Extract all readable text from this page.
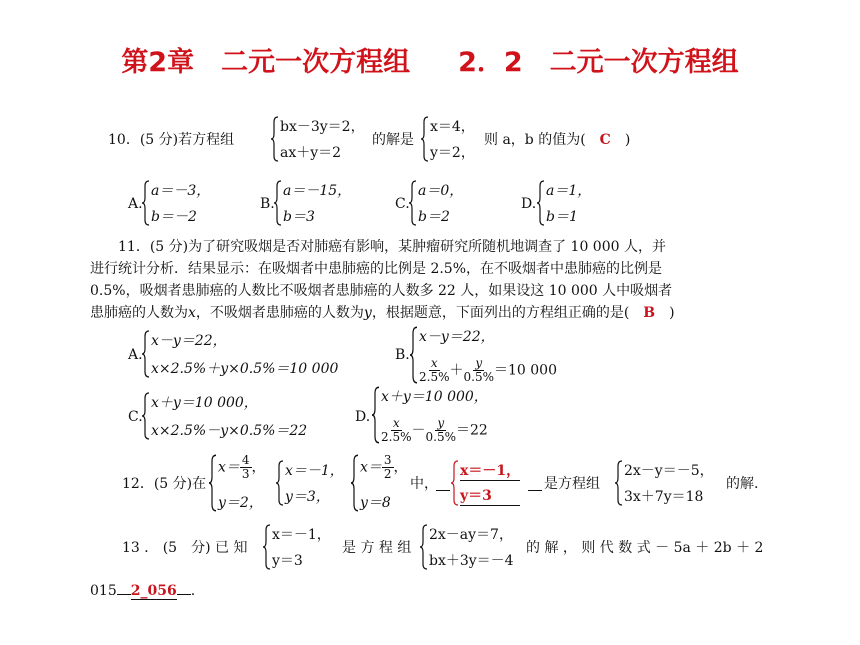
第2章　二元一次方程组 2．2　二元一次方程组
10．(5 分)若方程组
bx－3y＝2，
ax＋y＝2
的解是
x＝4，
y＝2，
则 a，b 的值为( C )
A.
a＝－3，
b＝－2
B.
a＝－15，
b＝3
C.
a＝0，
b＝2
D.
a＝1，
b＝1
11．(5 分)为了研究吸烟是否对肺癌有影响，某肿瘤研究所随机地调查了 10 000 人，并
进行统计分析．结果显示：在吸烟者中患肺癌的比例是 2.5%，在不吸烟者中患肺癌的比例是
0.5%，吸烟者患肺癌的人数比不吸烟者患肺癌的人数多 22 人，如果设这 10 000 人中吸烟者
患肺癌的人数为x，不吸烟者患肺癌的人数为y，根据题意，下面列出的方程组正确的是( B )
A.
x－y＝22，
x×2.5%＋y×0.5%＝10 000
B.
x－y＝22，
$\frac{x}{2.5\%} + \frac{y}{0.5\%} =10$ 000
C.
x＋y＝10 000，
x×2.5%－y×0.5%＝22
D.
x＋y＝10 000，
$\frac{x}{2.5\%} - \frac{y}{0.5\%} =22$
12．(5 分)在
$x= \frac{4}{3}$ ，
y＝2，
x＝－1，
y＝3，
$x= \frac{3}{2}$ ，
y＝8
中，
x＝－1，
y＝3
是方程组
2x－y＝－5，
3x＋7y＝18
的解.
13 ． (5　分) 已 知
x＝－1，
y＝3
是 方 程 组
2x－ay＝7，
bx＋3y＝－4
的 解 ， 则 代 数 式 － 5a ＋ 2b ＋ 2
015 2_056 .
